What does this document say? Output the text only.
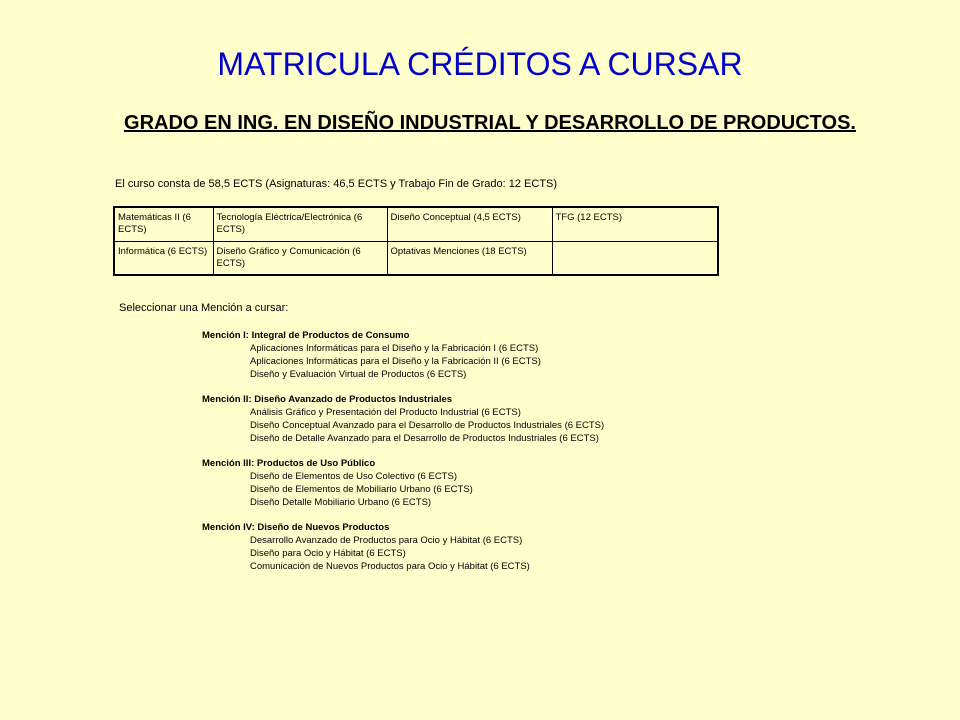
MATRICULA CRÉDITOS A CURSAR
GRADO EN ING. EN DISEÑO INDUSTRIAL Y DESARROLLO DE PRODUCTOS.
El curso consta de 58,5 ECTS (Asignaturas: 46,5 ECTS y Trabajo Fin de Grado: 12 ECTS)
Matemáticas II (6 ECTS)	Tecnología Eléctrica/Electrónica (6 ECTS)	Diseño Conceptual (4,5 ECTS)	TFG (12 ECTS)
Informática (6 ECTS)	Diseño Gráfico y Comunicación (6 ECTS)	Optativas Menciones (18 ECTS)	
Seleccionar una Mención a cursar:
Mención I: Integral de Productos de Consumo
Aplicaciones Informáticas para el Diseño y la Fabricación I (6 ECTS)
Aplicaciones Informáticas para el Diseño y la Fabricación II (6 ECTS)
Diseño y Evaluación Virtual de Productos (6 ECTS)
Mención II: Diseño Avanzado de Productos Industriales
Análisis Gráfico y Presentación del Producto Industrial (6 ECTS)
Diseño Conceptual Avanzado para el Desarrollo de Productos Industriales (6 ECTS)
Diseño de Detalle Avanzado para el Desarrollo de Productos Industriales (6 ECTS)
Mención III: Productos de Uso Público
Diseño de Elementos de Uso Colectivo (6 ECTS)
Diseño de Elementos de Mobiliario Urbano (6 ECTS)
Diseño Detalle Mobiliario Urbano (6 ECTS)
Mención IV: Diseño de Nuevos Productos
Desarrollo Avanzado de Productos para Ocio y Hábitat (6 ECTS)
Diseño para Ocio y Hábitat (6 ECTS)
Comunicación de Nuevos Productos para Ocio y Hábitat (6 ECTS)
